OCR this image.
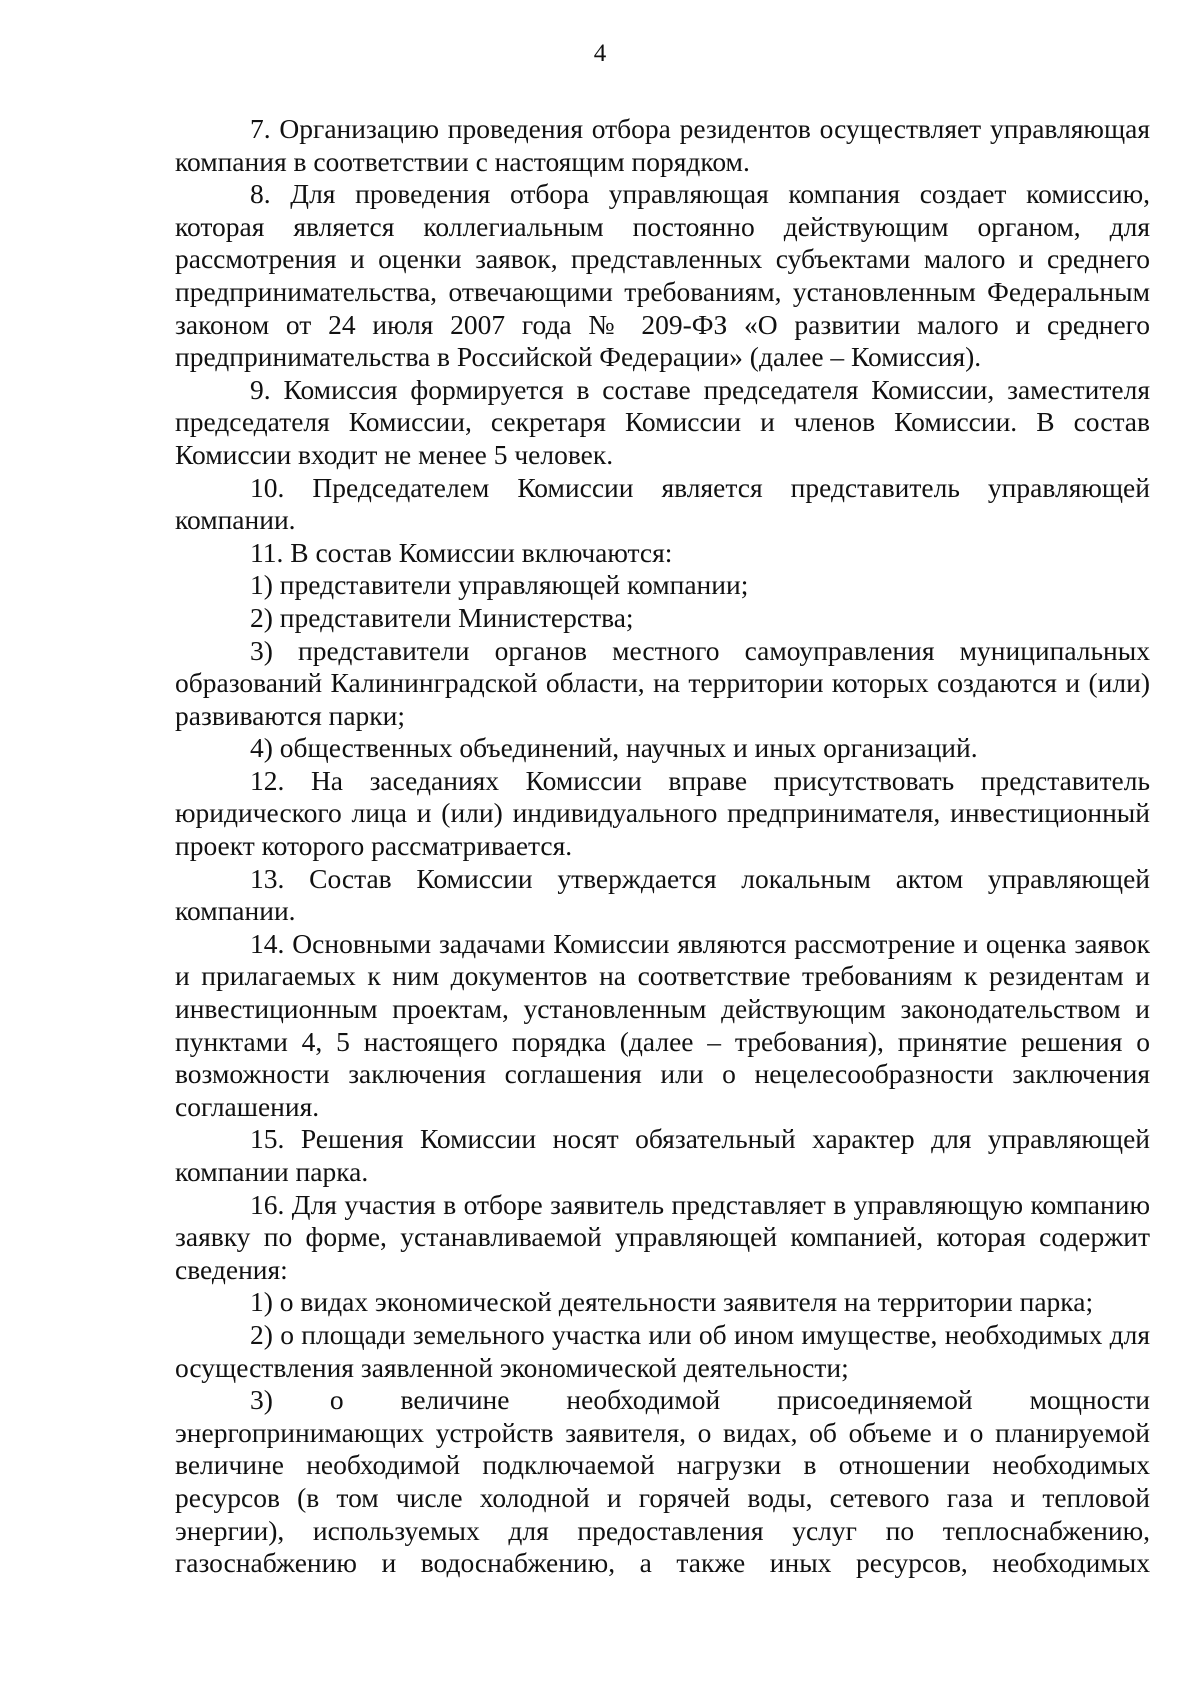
4

7. Организацию проведения отбора резидентов осуществляет управляющая компания в соответствии с настоящим порядком.

8. Для проведения отбора управляющая компания создает комиссию, которая является коллегиальным постоянно действующим органом, для рассмотрения и оценки заявок, представленных субъектами малого и среднего предпринимательства, отвечающими требованиям, установленным Федеральным законом от 24 июля 2007 года № 209-ФЗ «О развитии малого и среднего предпринимательства в Российской Федерации» (далее – Комиссия).

9. Комиссия формируется в составе председателя Комиссии, заместителя председателя Комиссии, секретаря Комиссии и членов Комиссии. В состав Комиссии входит не менее 5 человек.

10. Председателем Комиссии является представитель управляющей компании.

11. В состав Комиссии включаются:

1) представители управляющей компании;

2) представители Министерства;

3) представители органов местного самоуправления муниципальных образований Калининградской области, на территории которых создаются и (или) развиваются парки;

4) общественных объединений, научных и иных организаций.

12. На заседаниях Комиссии вправе присутствовать представитель юридического лица и (или) индивидуального предпринимателя, инвестиционный проект которого рассматривается.

13. Состав Комиссии утверждается локальным актом управляющей компании.

14. Основными задачами Комиссии являются рассмотрение и оценка заявок и прилагаемых к ним документов на соответствие требованиям к резидентам и инвестиционным проектам, установленным действующим законодательством и пунктами 4, 5 настоящего порядка (далее – требования), принятие решения о возможности заключения соглашения или о нецелесообразности заключения соглашения.

15. Решения Комиссии носят обязательный характер для управляющей компании парка.

16. Для участия в отборе заявитель представляет в управляющую компанию заявку по форме, устанавливаемой управляющей компанией, которая содержит сведения:

1) о видах экономической деятельности заявителя на территории парка;

2) о площади земельного участка или об ином имуществе, необходимых для осуществления заявленной экономической деятельности;

3) о величине необходимой присоединяемой мощности энергопринимающих устройств заявителя, о видах, об объеме и о планируемой величине необходимой подключаемой нагрузки в отношении необходимых ресурсов (в том числе холодной и горячей воды, сетевого газа и тепловой энергии), используемых для предоставления услуг по теплоснабжению, газоснабжению и водоснабжению, а также иных ресурсов, необходимых
